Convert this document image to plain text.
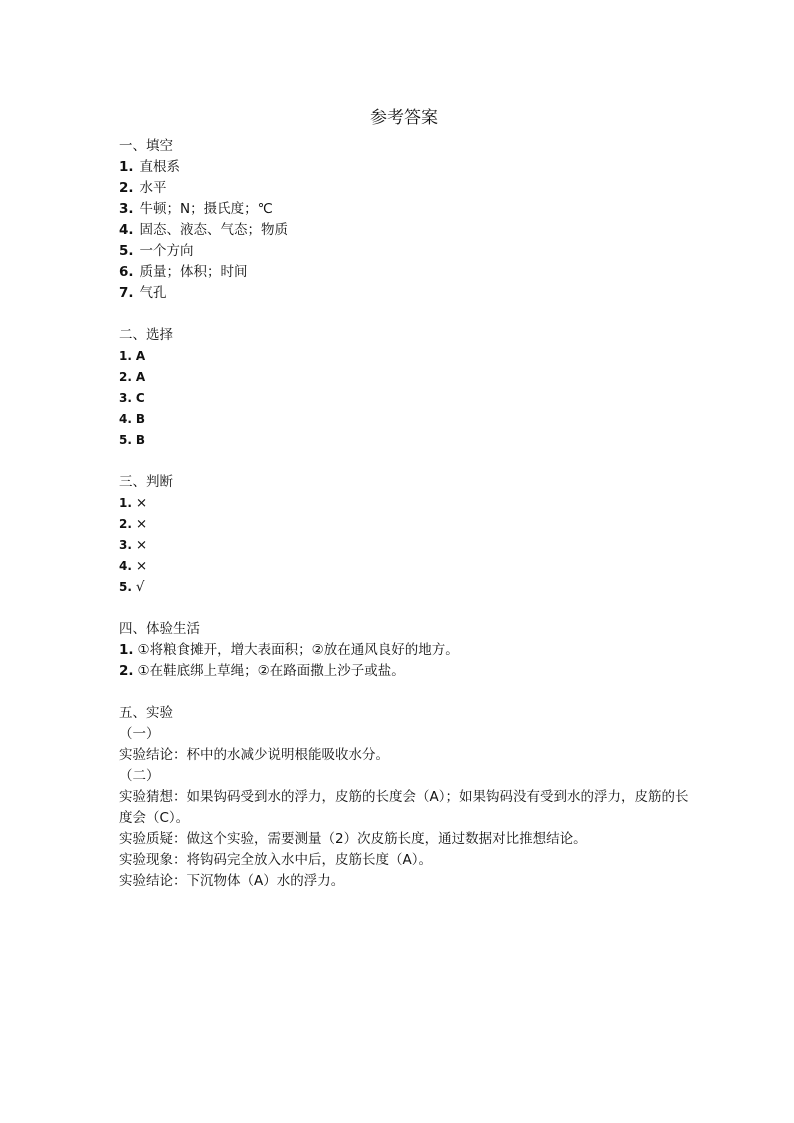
参考答案
一、填空
1. 直根系
2. 水平
3. 牛顿；N；摄氏度；℃
4. 固态、液态、气态；物质
5. 一个方向
6. 质量；体积；时间
7. 气孔
二、选择
1. A
2. A
3. C
4. B
5. B
三、判断
1. ×
2. ×
3. ×
4. ×
5. √
四、体验生活
1. ①将粮食摊开，增大表面积；②放在通风良好的地方。
2. ①在鞋底绑上草绳；②在路面撒上沙子或盐。
五、实验
（一）
实验结论：杯中的水减少说明根能吸收水分。
（二）
实验猜想：如果钩码受到水的浮力，皮筋的长度会（A）；如果钩码没有受到水的浮力，皮筋的长度会（C）。
实验质疑：做这个实验，需要测量（2）次皮筋长度，通过数据对比推想结论。
实验现象：将钩码完全放入水中后，皮筋长度（A）。
实验结论：下沉物体（A）水的浮力。
